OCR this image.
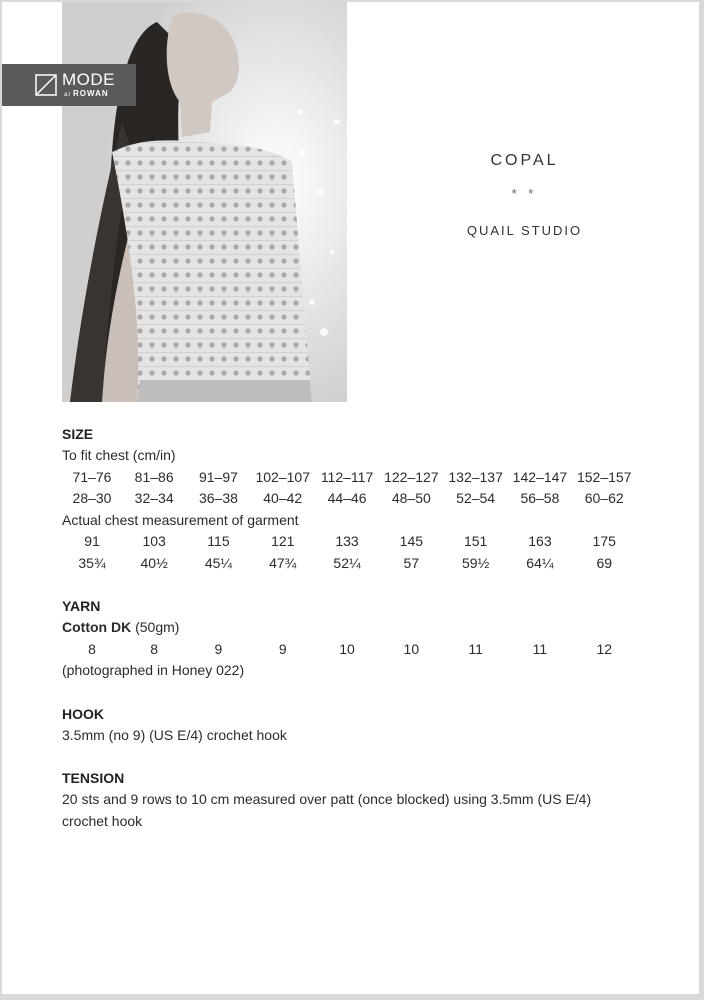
MODE
at ROWAN
COPAL
* *
QUAIL STUDIO

SIZE

To fit chest (cm/in)

71–76	81–86	91–97	102–107 112–117 122–127 132–137 142–147 152–157
28–30	32–34	36–38	40–42	44–46	48–50	52–54	56–58	60–62

Actual chest measurement of garment

91	103	115	121	133	145	151	163	175
35¾	40½	45¼	47¾	52¼	57	59½	64¼	69

YARN

Cotton DK (50gm)

8	8	9	9	10	10	11	11	12

(photographed in Honey 022)

HOOK

3.5mm (no 9) (US E/4) crochet hook

TENSION

20 sts and 9 rows to 10 cm measured over patt (once blocked) using 3.5mm (US E/4)

crochet hook
